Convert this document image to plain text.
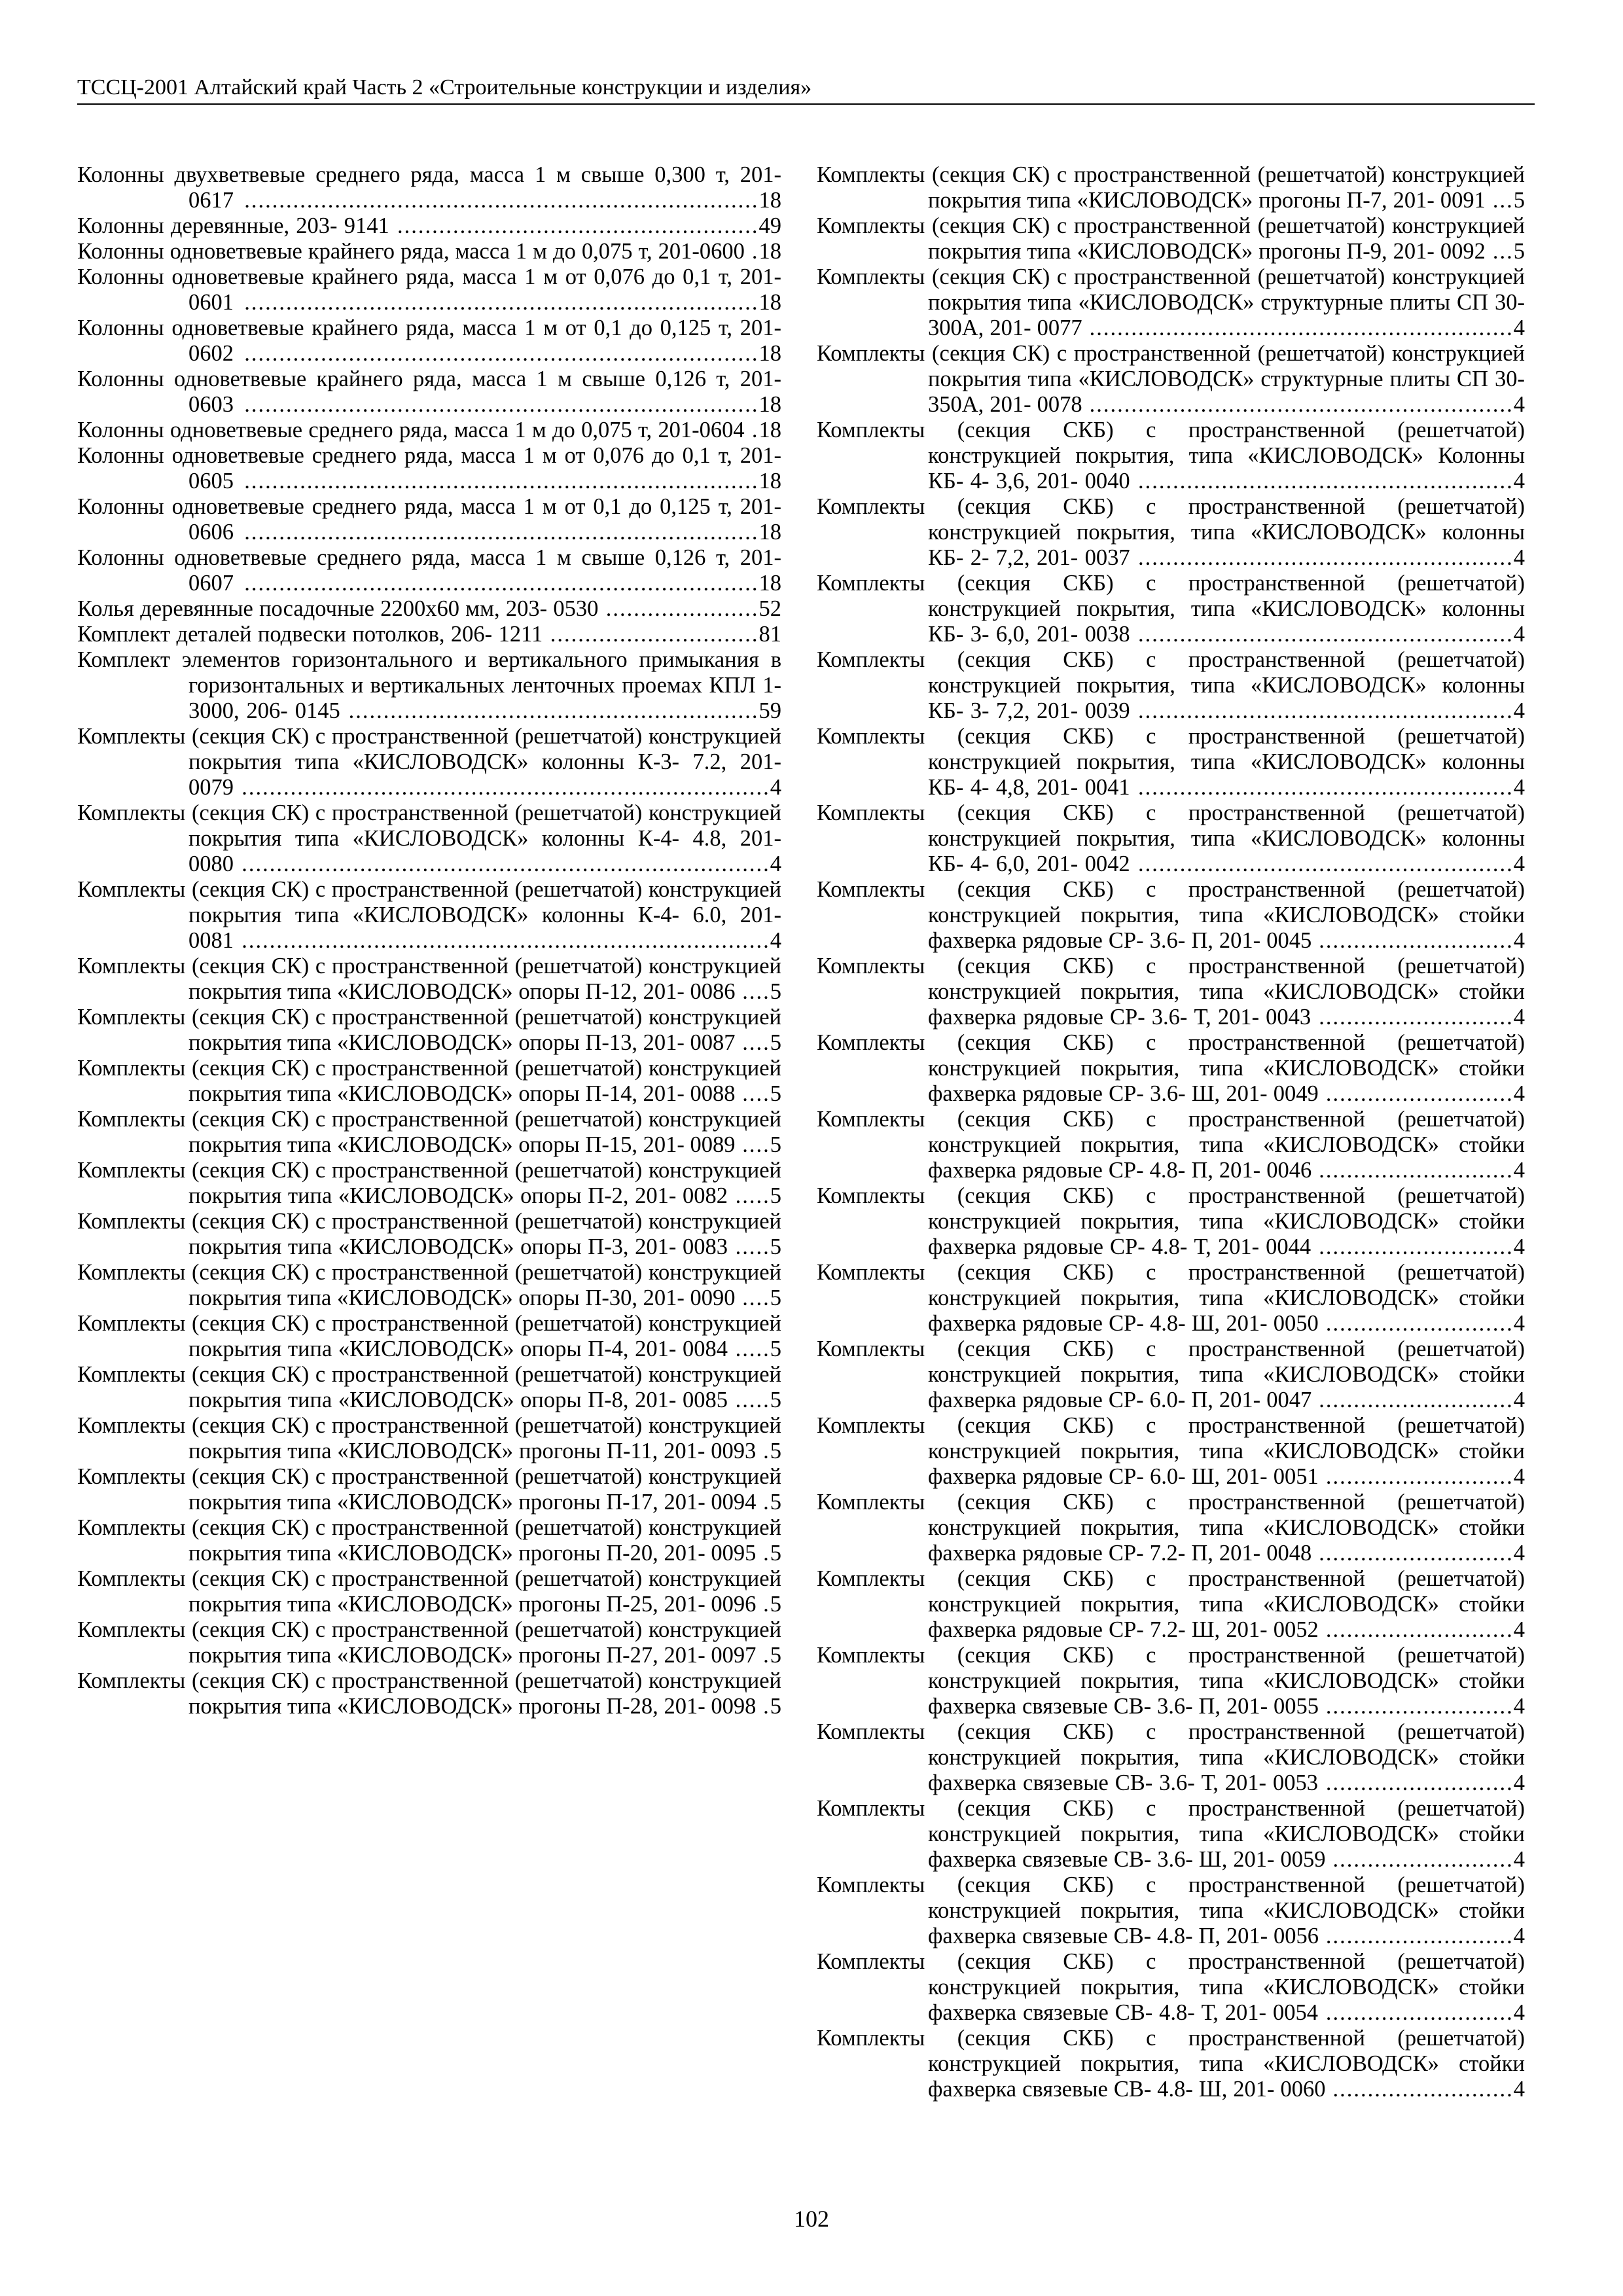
ТССЦ-2001 Алтайский край Часть 2 «Строительные конструкции и изделия»

Колонны двухветвевые среднего ряда, масса 1 м свыше 0,300 т, 201- 0617 ..........................................................................18

Колонны деревянные, 203- 9141 ....................................................49

Колонны одноветвевые крайнего ряда, масса 1 м до 0,075 т, 201-0600 .18

Колонны одноветвевые крайнего ряда, масса 1 м от 0,076 до 0,1 т, 201- 0601 ..........................................................................18

Колонны одноветвевые крайнего ряда, масса 1 м от 0,1 до 0,125 т, 201- 0602 ..........................................................................18

Колонны одноветвевые крайнего ряда, масса 1 м свыше 0,126 т, 201- 0603 ..........................................................................18

Колонны одноветвевые среднего ряда, масса 1 м до 0,075 т, 201-0604 .18

Колонны одноветвевые среднего ряда, масса 1 м от 0,076 до 0,1 т, 201- 0605 ..........................................................................18

Колонны одноветвевые среднего ряда, масса 1 м от 0,1 до 0,125 т, 201- 0606 ..........................................................................18

Колонны одноветвевые среднего ряда, масса 1 м свыше 0,126 т, 201- 0607 ..........................................................................18

Колья деревянные посадочные 2200х60 мм, 203- 0530 ......................52

Комплект деталей подвески потолков, 206- 1211 ..............................81

Комплект элементов горизонтального и вертикального примыкания в горизонтальных и вертикальных ленточных проемах КПЛ 1- 3000, 206- 0145 ...........................................................59

Комплекты (секция СК) с пространственной (решетчатой) конструкцией покрытия типа «КИСЛОВОДСК» колонны К-3- 7.2, 201- 0079 ............................................................................4

Комплекты (секция СК) с пространственной (решетчатой) конструкцией покрытия типа «КИСЛОВОДСК» колонны К-4- 4.8, 201- 0080 ............................................................................4

Комплекты (секция СК) с пространственной (решетчатой) конструкцией покрытия типа «КИСЛОВОДСК» колонны К-4- 6.0, 201- 0081 ............................................................................4

Комплекты (секция СК) с пространственной (решетчатой) конструкцией покрытия типа «КИСЛОВОДСК» опоры П-12, 201- 0086 ....5

Комплекты (секция СК) с пространственной (решетчатой) конструкцией покрытия типа «КИСЛОВОДСК» опоры П-13, 201- 0087 ....5

Комплекты (секция СК) с пространственной (решетчатой) конструкцией покрытия типа «КИСЛОВОДСК» опоры П-14, 201- 0088 ....5

Комплекты (секция СК) с пространственной (решетчатой) конструкцией покрытия типа «КИСЛОВОДСК» опоры П-15, 201- 0089 ....5

Комплекты (секция СК) с пространственной (решетчатой) конструкцией покрытия типа «КИСЛОВОДСК» опоры П-2, 201- 0082 .....5

Комплекты (секция СК) с пространственной (решетчатой) конструкцией покрытия типа «КИСЛОВОДСК» опоры П-3, 201- 0083 .....5

Комплекты (секция СК) с пространственной (решетчатой) конструкцией покрытия типа «КИСЛОВОДСК» опоры П-30, 201- 0090 ....5

Комплекты (секция СК) с пространственной (решетчатой) конструкцией покрытия типа «КИСЛОВОДСК» опоры П-4, 201- 0084 .....5

Комплекты (секция СК) с пространственной (решетчатой) конструкцией покрытия типа «КИСЛОВОДСК» опоры П-8, 201- 0085 .....5

Комплекты (секция СК) с пространственной (решетчатой) конструкцией покрытия типа «КИСЛОВОДСК» прогоны П-11, 201- 0093 .5

Комплекты (секция СК) с пространственной (решетчатой) конструкцией покрытия типа «КИСЛОВОДСК» прогоны П-17, 201- 0094 .5

Комплекты (секция СК) с пространственной (решетчатой) конструкцией покрытия типа «КИСЛОВОДСК» прогоны П-20, 201- 0095 .5

Комплекты (секция СК) с пространственной (решетчатой) конструкцией покрытия типа «КИСЛОВОДСК» прогоны П-25, 201- 0096 .5

Комплекты (секция СК) с пространственной (решетчатой) конструкцией покрытия типа «КИСЛОВОДСК» прогоны П-27, 201- 0097 .5

Комплекты (секция СК) с пространственной (решетчатой) конструкцией покрытия типа «КИСЛОВОДСК» прогоны П-28, 201- 0098 .5

Комплекты (секция СК) с пространственной (решетчатой) конструкцией покрытия типа «КИСЛОВОДСК» прогоны П-7, 201- 0091 ...5

Комплекты (секция СК) с пространственной (решетчатой) конструкцией покрытия типа «КИСЛОВОДСК» прогоны П-9, 201- 0092 ...5

Комплекты (секция СК) с пространственной (решетчатой) конструкцией покрытия типа «КИСЛОВОДСК» структурные плиты СП 30- 300А, 201- 0077 .............................................................4

Комплекты (секция СК) с пространственной (решетчатой) конструкцией покрытия типа «КИСЛОВОДСК» структурные плиты СП 30- 350А, 201- 0078 .............................................................4

Комплекты (секция СКБ) с пространственной (решетчатой) конструкцией покрытия, типа «КИСЛОВОДСК» Колонны КБ- 4- 3,6, 201- 0040 ......................................................4

Комплекты (секция СКБ) с пространственной (решетчатой) конструкцией покрытия, типа «КИСЛОВОДСК» колонны КБ- 2- 7,2, 201- 0037 ......................................................4

Комплекты (секция СКБ) с пространственной (решетчатой) конструкцией покрытия, типа «КИСЛОВОДСК» колонны КБ- 3- 6,0, 201- 0038 ......................................................4

Комплекты (секция СКБ) с пространственной (решетчатой) конструкцией покрытия, типа «КИСЛОВОДСК» колонны КБ- 3- 7,2, 201- 0039 ......................................................4

Комплекты (секция СКБ) с пространственной (решетчатой) конструкцией покрытия, типа «КИСЛОВОДСК» колонны КБ- 4- 4,8, 201- 0041 ......................................................4

Комплекты (секция СКБ) с пространственной (решетчатой) конструкцией покрытия, типа «КИСЛОВОДСК» колонны КБ- 4- 6,0, 201- 0042 ......................................................4

Комплекты (секция СКБ) с пространственной (решетчатой) конструкцией покрытия, типа «КИСЛОВОДСК» стойки фахверка рядовые СР- 3.6- П, 201- 0045 ............................4

Комплекты (секция СКБ) с пространственной (решетчатой) конструкцией покрытия, типа «КИСЛОВОДСК» стойки фахверка рядовые СР- 3.6- Т, 201- 0043 ............................4

Комплекты (секция СКБ) с пространственной (решетчатой) конструкцией покрытия, типа «КИСЛОВОДСК» стойки фахверка рядовые СР- 3.6- Ш, 201- 0049 ...........................4

Комплекты (секция СКБ) с пространственной (решетчатой) конструкцией покрытия, типа «КИСЛОВОДСК» стойки фахверка рядовые СР- 4.8- П, 201- 0046 ............................4

Комплекты (секция СКБ) с пространственной (решетчатой) конструкцией покрытия, типа «КИСЛОВОДСК» стойки фахверка рядовые СР- 4.8- Т, 201- 0044 ............................4

Комплекты (секция СКБ) с пространственной (решетчатой) конструкцией покрытия, типа «КИСЛОВОДСК» стойки фахверка рядовые СР- 4.8- Ш, 201- 0050 ...........................4

Комплекты (секция СКБ) с пространственной (решетчатой) конструкцией покрытия, типа «КИСЛОВОДСК» стойки фахверка рядовые СР- 6.0- П, 201- 0047 ............................4

Комплекты (секция СКБ) с пространственной (решетчатой) конструкцией покрытия, типа «КИСЛОВОДСК» стойки фахверка рядовые СР- 6.0- Ш, 201- 0051 ...........................4

Комплекты (секция СКБ) с пространственной (решетчатой) конструкцией покрытия, типа «КИСЛОВОДСК» стойки фахверка рядовые СР- 7.2- П, 201- 0048 ............................4

Комплекты (секция СКБ) с пространственной (решетчатой) конструкцией покрытия, типа «КИСЛОВОДСК» стойки фахверка рядовые СР- 7.2- Ш, 201- 0052 ...........................4

Комплекты (секция СКБ) с пространственной (решетчатой) конструкцией покрытия, типа «КИСЛОВОДСК» стойки фахверка связевые СВ- 3.6- П, 201- 0055 ...........................4

Комплекты (секция СКБ) с пространственной (решетчатой) конструкцией покрытия, типа «КИСЛОВОДСК» стойки фахверка связевые СВ- 3.6- Т, 201- 0053 ...........................4

Комплекты (секция СКБ) с пространственной (решетчатой) конструкцией покрытия, типа «КИСЛОВОДСК» стойки фахверка связевые СВ- 3.6- Ш, 201- 0059 ..........................4

Комплекты (секция СКБ) с пространственной (решетчатой) конструкцией покрытия, типа «КИСЛОВОДСК» стойки фахверка связевые СВ- 4.8- П, 201- 0056 ...........................4

Комплекты (секция СКБ) с пространственной (решетчатой) конструкцией покрытия, типа «КИСЛОВОДСК» стойки фахверка связевые СВ- 4.8- Т, 201- 0054 ...........................4

Комплекты (секция СКБ) с пространственной (решетчатой) конструкцией покрытия, типа «КИСЛОВОДСК» стойки фахверка связевые СВ- 4.8- Ш, 201- 0060 ..........................4

102
